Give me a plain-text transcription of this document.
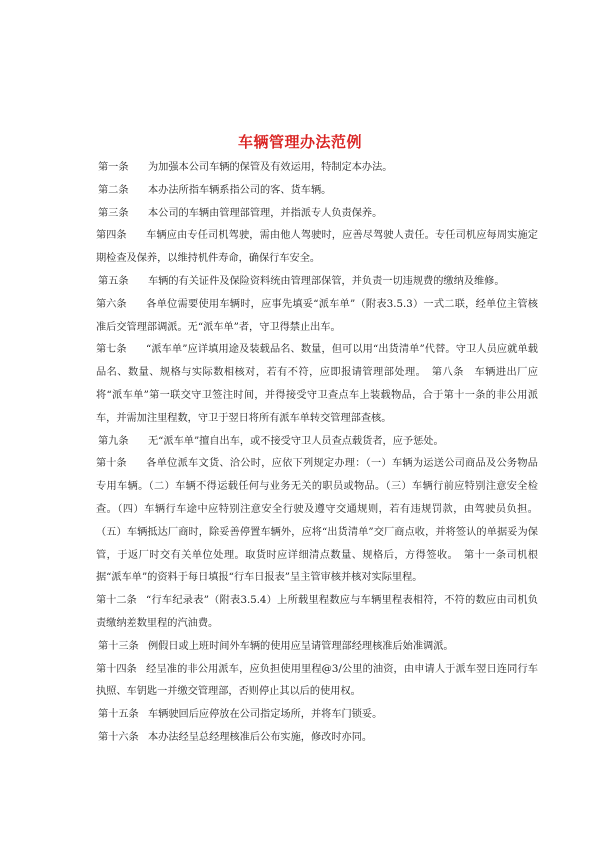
车辆管理办法范例

第一条 为加强本公司车辆的保管及有效运用，特制定本办法。

第二条 本办法所指车辆系指公司的客、货车辆。

第三条 本公司的车辆由管理部管理，并指派专人负责保养。

第四条 车辆应由专任司机驾驶，需由他人驾驶时，应善尽驾驶人责任。专任司机应每周实施定期检查及保养，以维持机件寿命，确保行车安全。

第五条 车辆的有关证件及保险资料统由管理部保管，并负责一切违规费的缴纳及维修。

第六条 各单位需要使用车辆时，应事先填妥“派车单”（附表3.5.3）一式二联，经单位主管核准后交管理部调派。无“派车单”者，守卫得禁止出车。

第七条 “派车单”应详填用途及装载品名、数量，但可以用“出货清单”代替。守卫人员应就单载品名、数量、规格与实际数相核对，若有不符，应即报请管理部处理。　第八条　车辆进出厂应将“派车单”第一联交守卫签注时间，并得接受守卫查点车上装载物品，合于第十一条的非公用派车，并需加注里程数，守卫于翌日将所有派车单转交管理部查核。

第九条 无“派车单”擅自出车，或不接受守卫人员查点载货者，应予惩处。

第十条 各单位派车文货、洽公时，应依下列规定办理：（一）车辆为运送公司商品及公务物品专用车辆。（二）车辆不得运载任何与业务无关的职员或物品。（三）车辆行前应特别注意安全检查。（四）车辆行车途中应特别注意安全行驶及遵守交通规则，若有违规罚款，由驾驶员负担。（五）车辆抵达厂商时，除妥善停置车辆外，应将“出货清单”交厂商点收，并将签认的单据妥为保管，于返厂时交有关单位处理。取货时应详细清点数量、规格后，方得签收。　第十一条司机根据“派车单”的资料于每日填报“行车日报表”呈主管审核并核对实际里程。

第十二条 “行车纪录表”（附表3.5.4）上所载里程数应与车辆里程表相符，不符的数应由司机负责缴纳差数里程的汽油费。

第十三条 例假日或上班时间外车辆的使用应呈请管理部经理核准后始准调派。

第十四条 经呈准的非公用派车，应负担使用里程@3/公里的油资，由申请人于派车翌日连同行车执照、车钥匙一并缴交管理部，否则停止其以后的使用权。

第十五条 车辆驶回后应停放在公司指定场所，并将车门锁妥。

第十六条 本办法经呈总经理核准后公布实施，修改时亦同。
